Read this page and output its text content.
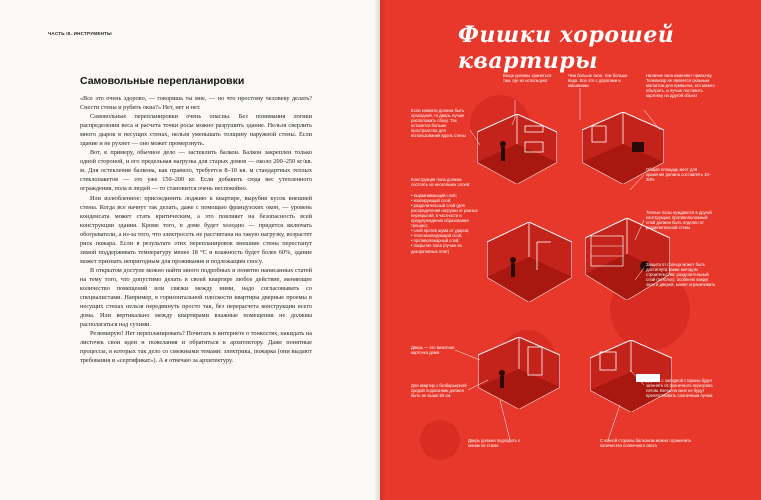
ЧАСТЬ III. ИНСТРУМЕНТЫ
Самовольные перепланировки

«Все это очень здорово, — говоришь ты мне, — но что простому человеку делать? Снести стены и рубить окна?» Нет, нет и нет.

Самовольные перепланировки очень опасны. Без понимания логики распределения веса и расчета точки росы можно разрушить здание. Нельзя сверлить много дырок в несущих стенах, нельзя уменьшать толщину наружной стены. Если здание и не рухнет — оно может промерзнуть.

Вот, к примеру, обычное дело — застеклить балкон. Балкон закреплен только одной стороной, и его предельная нагрузка для старых домов — около 200–250 кг/кв. м. Для остекления балкона, как правило, требуется 8–10 кв. м стандартных теплых стеклопакетов — это уже 150–200 кг. Если добавить сюда вес утепленного ограждения, пола и людей — то становится очень неспокойно.

Или излюбленное: присоединить лоджию к квартире, вырубив кусок внешней стены. Когда все начнут так делать, даже с помощью французских окон, — уровень конденсата может стать критическим, а это повлияет на безопасность всей конструкции здания. Кроме того, в доме будет холодно — придется включать обогреватели, а из-за того, что электросеть не рассчитана на такую нагрузку, возрастет риск пожара. Если в результате этих перепланировок внешние стены перестанут зимой поддерживать температуру менее 18 °С и влажность будет более 60%, здание может признать непригодным для проживания и подлежащим сносу.

В открытом доступе можно найти много подробных и понятно написанных статей на тему того, что допустимо делать в своей квартире любое действие, меняющее количество помещений или связки между ними, надо согласовывать со специалистами. Например, в горизонтальной плоскости квартиры дверные проемы в несущих стенах нельзя передвинуть просто так, без перерасчета конструкции всего дома. Или вертикально между квартирами влажные помещения не должны располагаться над сухими.

Резюмирую! Нет перепланировать? Почитать в интернете о тонкостях, накидать на листочек свои идеи и пожелания и обратиться к архитектору. Даже понятные процессы, в которых так дело со смежными темами: электрика, пожарка (они выдают требования и «сертификат»). А я отвечаю за архитектуру.

Фишки хорошей квартиры
Вещи должны храниться там, где их используют
Чем больше окон, тем больше вида. Все это с дорогами и машинами
Наличие окна изменяет привычку. Телевизор не является сильным магнитом для привычки, его можно обыграть, а лучше поставить картинку на другой объект
Если комната должна быть проходной, то дверь лучше расположить сбоку. Так останется больше пространства для использования вдоль стены
Общая площадь мест для хранения должна составлять 10–30%
Теплые полы нуждаются в другой конструкции: противоположный слой должен быть отделен от разделительной стены
Защита от солнца может быть достигнута также методом строительства: разделительный слой (потолок), особенно вокруг окон и дверей, может ограничивать
Конструкция пола должна состоять из нескольких слоев:
• выравнивающий слой;
• изолирующий слой;
• разделительный слой (для распределения нагрузки от разных перекрытий, в частности и предупреждения образования трещин);
• слой против шума от ударов;
• теплоизолирующий слой;
• противопожарный слой;
• покрытие пола (лучше из декоративных плит)
Дверь — это визитная карточка дома
Для квартир с безбарьерной средой подоконник должен быть не выше 80 см
Дверь должна подходить к окнам по стилю
Дерево с западной стороны будет затенять от солнечного перегрева летом. Ветки на окне не будут препятствовать солнечным лучам
С южной стороны балконом можно ограничить количество солнечного света
